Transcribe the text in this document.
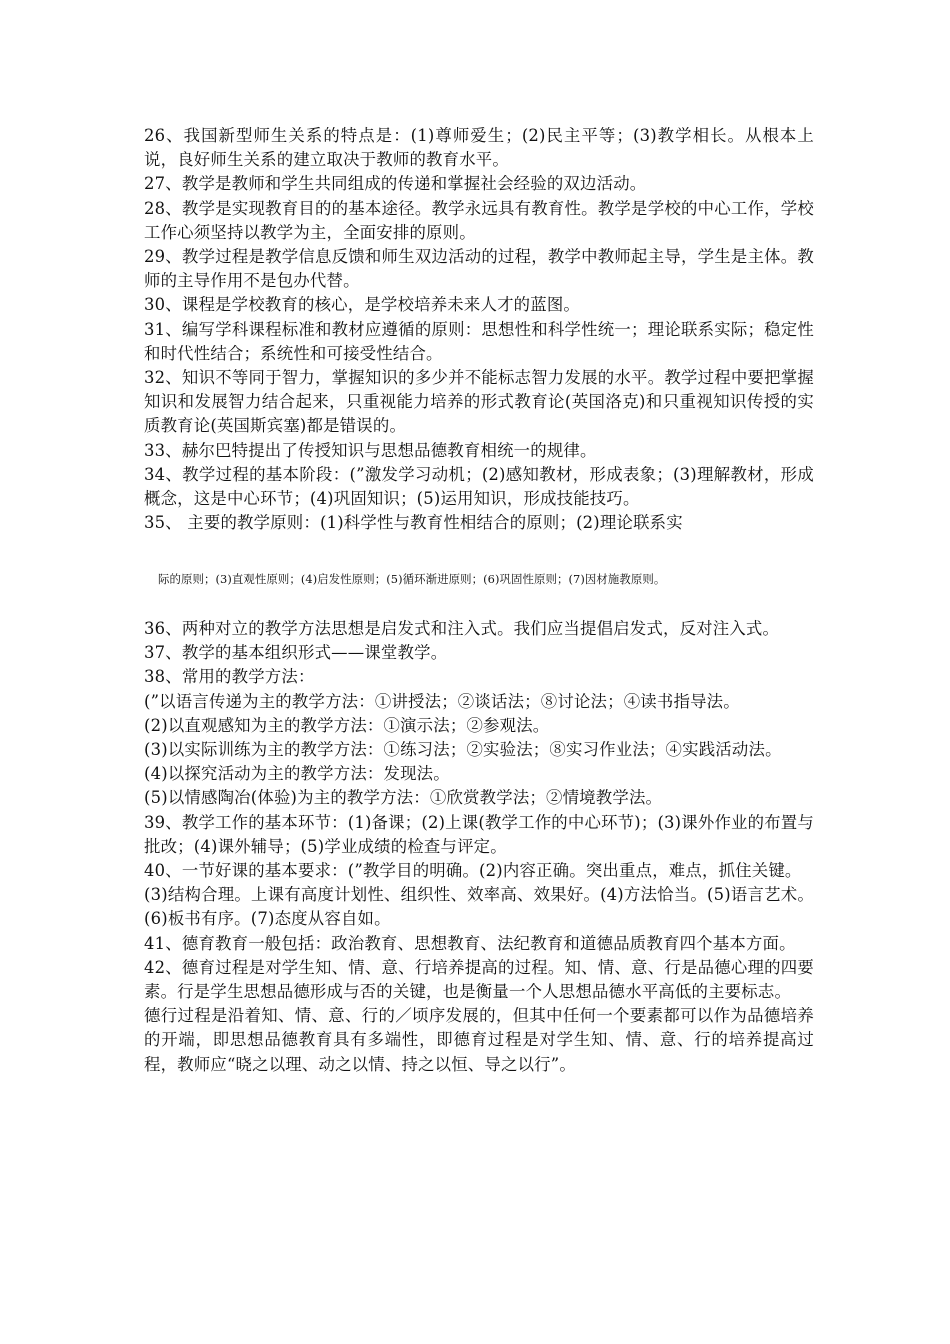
26、我国新型师生关系的特点是：(1)尊师爱生；(2)民主平等；(3)教学相长。从根本上说，良好师生关系的建立取决于教师的教育水平。

27、教学是教师和学生共同组成的传递和掌握社会经验的双边活动。

28、教学是实现教育目的的基本途径。教学永远具有教育性。教学是学校的中心工作，学校工作心须坚持以教学为主，全面安排的原则。

29、教学过程是教学信息反馈和师生双边活动的过程，教学中教师起主导，学生是主体。教师的主导作用不是包办代替。

30、课程是学校教育的核心，是学校培养未来人才的蓝图。

31、编写学科课程标准和教材应遵循的原则：思想性和科学性统一；理论联系实际；稳定性和时代性结合；系统性和可接受性结合。

32、知识不等同于智力，掌握知识的多少并不能标志智力发展的水平。教学过程中要把掌握知识和发展智力结合起来，只重视能力培养的形式教育论(英国洛克)和只重视知识传授的实质教育论(英国斯宾塞)都是错误的。

33、赫尔巴特提出了传授知识与思想品德教育相统一的规律。

34、教学过程的基本阶段：(”激发学习动机；(2)感知教材，形成表象；(3)理解教材，形成概念，这是中心环节；(4)巩固知识；(5)运用知识，形成技能技巧。

35、 主要的教学原则：(1)科学性与教育性相结合的原则；(2)理论联系实

际的原则；(3)直观性原则；(4)启发性原则；(5)循环渐进原则；(6)巩固性原则；(7)因材施教原则。

36、两种对立的教学方法思想是启发式和注入式。我们应当提倡启发式，反对注入式。

37、教学的基本组织形式——课堂教学。

38、常用的教学方法：

(”以语言传递为主的教学方法：①讲授法；②谈话法；⑧讨论法；④读书指导法。

(2)以直观感知为主的教学方法：①演示法；②参观法。

(3)以实际训练为主的教学方法：①练习法；②实验法；⑧实习作业法；④实践活动法。

(4)以探究活动为主的教学方法：发现法。

(5)以情感陶冶(体验)为主的教学方法：①欣赏教学法；②情境教学法。

39、教学工作的基本环节：(1)备课；(2)上课(教学工作的中心环节)；(3)课外作业的布置与批改；(4)课外辅导；(5)学业成绩的检查与评定。

40、一节好课的基本要求：(”教学目的明确。(2)内容正确。突出重点，难点，抓住关键。

(3)结构合理。上课有高度计划性、组织性、效率高、效果好。(4)方法恰当。(5)语言艺术。(6)板书有序。(7)态度从容自如。

41、德育教育一般包括：政治教育、思想教育、法纪教育和道德品质教育四个基本方面。

42、德育过程是对学生知、情、意、行培养提高的过程。知、情、意、行是品德心理的四要素。行是学生思想品德形成与否的关键，也是衡量一个人思想品德水平高低的主要标志。

德行过程是沿着知、情、意、行的／顷序发展的，但其中任何一个要素都可以作为品德培养的开端，即思想品德教育具有多端性，即德育过程是对学生知、情、意、行的培养提高过程，教师应“晓之以理、动之以情、持之以恒、导之以行”。
